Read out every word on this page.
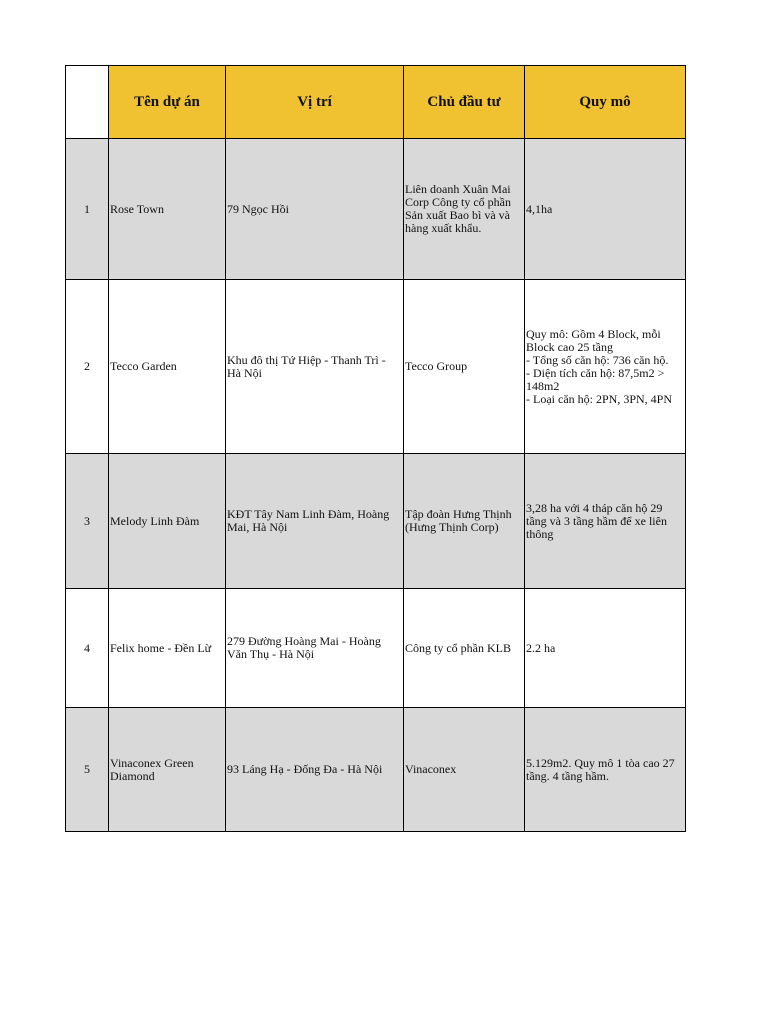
	Tên dự án	Vị trí	Chủ đầu tư	Quy mô
1	Rose Town	79 Ngọc Hồi	Liên doanh Xuân Mai Corp Công ty cổ phần Sản xuất Bao bì và và hàng xuất khẩu.	4,1ha
2	Tecco Garden	Khu đô thị Tứ Hiệp - Thanh Trì - Hà Nội	Tecco Group	Quy mô: Gồm 4 Block, mỗi Block cao 25 tầng
- Tổng số căn hộ: 736 căn hộ.
- Diện tích căn hộ: 87,5m2 > 148m2
- Loại căn hộ: 2PN, 3PN, 4PN
3	Melody Linh Đàm	KĐT Tây Nam Linh Đàm, Hoàng Mai, Hà Nội	Tập đoàn Hưng Thịnh (Hưng Thịnh Corp)	3,28 ha với 4 tháp căn hộ 29 tầng và 3 tầng hầm để xe liên thông
4	Felix home - Đền Lừ	279 Đường Hoàng Mai - Hoàng Văn Thụ - Hà Nội	Công ty cổ phần KLB	2.2 ha
5	Vinaconex Green Diamond	93 Láng Hạ - Đống Đa - Hà Nội	Vinaconex	5.129m2. Quy mô 1 tòa cao 27 tầng. 4 tầng hầm.
